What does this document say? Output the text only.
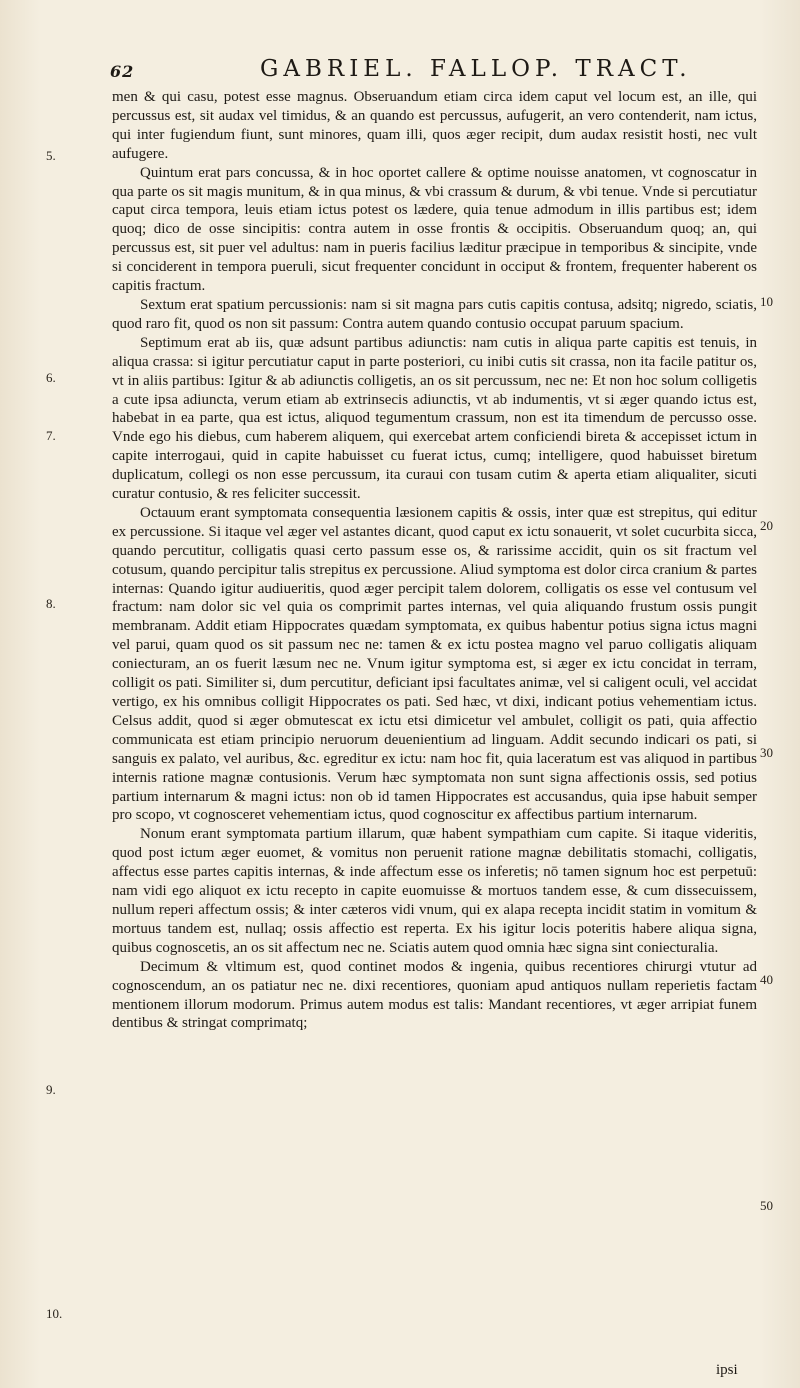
62	GABRIEL. FALLOP. TRACT.
5.
6.
7.
8.
9.
10.
10
20
30
40
50

men & qui casu, potest esse magnus. Obseruandum etiam circa idem caput vel locum est, an ille, qui percussus est, sit audax vel timidus, & an quando est percussus, aufugerit, an vero contenderit, nam ictus, qui inter fugiendum fiunt, sunt minores, quam illi, quos æger recipit, dum audax resistit hosti, nec vult aufugere.

Quintum erat pars concussa, & in hoc oportet callere & optime nouisse anatomen, vt cognoscatur in qua parte os sit magis munitum, & in qua minus, & vbi crassum & durum, & vbi tenue. Vnde si percutiatur caput circa tempora, leuis etiam ictus potest os lædere, quia tenue admodum in illis partibus est; idem quoq; dico de osse sincipitis: contra autem in osse frontis & occipitis. Obseruandum quoq; an, qui percussus est, sit puer vel adultus: nam in pueris facilius læditur præcipue in temporibus & sincipite, vnde si conciderent in tempora pueruli, sicut frequenter concidunt in occiput & frontem, frequenter haberent os capitis fractum.

Sextum erat spatium percussionis: nam si sit magna pars cutis capitis contusa, adsitq; nigredo, sciatis, quod raro fit, quod os non sit passum: Contra autem quando contusio occupat paruum spacium.

Septimum erat ab iis, quæ adsunt partibus adiunctis: nam cutis in aliqua parte capitis est tenuis, in aliqua crassa: si igitur percutiatur caput in parte posteriori, cu inibi cutis sit crassa, non ita facile patitur os, vt in aliis partibus: Igitur & ab adiunctis colligetis, an os sit percussum, nec ne: Et non hoc solum colligetis a cute ipsa adiuncta, verum etiam ab extrinsecis adiunctis, vt ab indumentis, vt si æger quando ictus est, habebat in ea parte, qua est ictus, aliquod tegumentum crassum, non est ita timendum de percusso osse. Vnde ego his diebus, cum haberem aliquem, qui exercebat artem conficiendi bireta & accepisset ictum in capite interrogaui, quid in capite habuisset cu fuerat ictus, cumq; intelligere, quod habuisset biretum duplicatum, collegi os non esse percussum, ita curaui con tusam cutim & aperta etiam aliqualiter, sicuti curatur contusio, & res feliciter successit.

Octauum erant symptomata consequentia læsionem capitis & ossis, inter quæ est strepitus, qui editur ex percussione. Si itaque vel æger vel astantes dicant, quod caput ex ictu sonauerit, vt solet cucurbita sicca, quando percutitur, colligatis quasi certo passum esse os, & rarissime accidit, quin os sit fractum vel cotusum, quando percipitur talis strepitus ex percussione. Aliud symptoma est dolor circa cranium & partes internas: Quando igitur audiueritis, quod æger percipit talem dolorem, colligatis os esse vel contusum vel fractum: nam dolor sic vel quia os comprimit partes internas, vel quia aliquando frustum ossis pungit membranam. Addit etiam Hippocrates quædam symptomata, ex quibus habentur potius signa ictus magni vel parui, quam quod os sit passum nec ne: tamen & ex ictu postea magno vel paruo colligatis aliquam coniecturam, an os fuerit læsum nec ne. Vnum igitur symptoma est, si æger ex ictu concidat in terram, colligit os pati. Similiter si, dum percutitur, deficiant ipsi facultates animæ, vel si caligent oculi, vel accidat vertigo, ex his omnibus colligit Hippocrates os pati. Sed hæc, vt dixi, indicant potius vehementiam ictus. Celsus addit, quod si æger obmutescat ex ictu etsi dimicetur vel ambulet, colligit os pati, quia affectio communicata est etiam principio neruorum deuenientium ad linguam. Addit secundo indicari os pati, si sanguis ex palato, vel auribus, &c. egreditur ex ictu: nam hoc fit, quia laceratum est vas aliquod in partibus internis ratione magnæ contusionis. Verum hæc symptomata non sunt signa affectionis ossis, sed potius partium internarum & magni ictus: non ob id tamen Hippocrates est accusandus, quia ipse habuit semper pro scopo, vt cognosceret vehementiam ictus, quod cognoscitur ex affectibus partium internarum.

Nonum erant symptomata partium illarum, quæ habent sympathiam cum capite. Si itaque videritis, quod post ictum æger euomet, & vomitus non peruenit ratione magnæ debilitatis stomachi, colligatis, affectus esse partes capitis internas, & inde affectum esse os inferetis; nō tamen signum hoc est perpetuū: nam vidi ego aliquot ex ictu recepto in capite euomuisse & mortuos tandem esse, & cum dissecuissem, nullum reperi affectum ossis; & inter cæteros vidi vnum, qui ex alapa recepta incidit statim in vomitum & mortuus tandem est, nullaq; ossis affectio est reperta. Ex his igitur locis poteritis habere aliqua signa, quibus cognoscetis, an os sit affectum nec ne. Sciatis autem quod omnia hæc signa sint coniecturalia.

Decimum & vltimum est, quod continet modos & ingenia, quibus recentiores chirurgi vtutur ad cognoscendum, an os patiatur nec ne. dixi recentiores, quoniam apud antiquos nullam reperietis factam mentionem illorum modorum. Primus autem modus est talis: Mandant recentiores, vt æger arripiat funem dentibus & stringat comprimatq;

ipsi
